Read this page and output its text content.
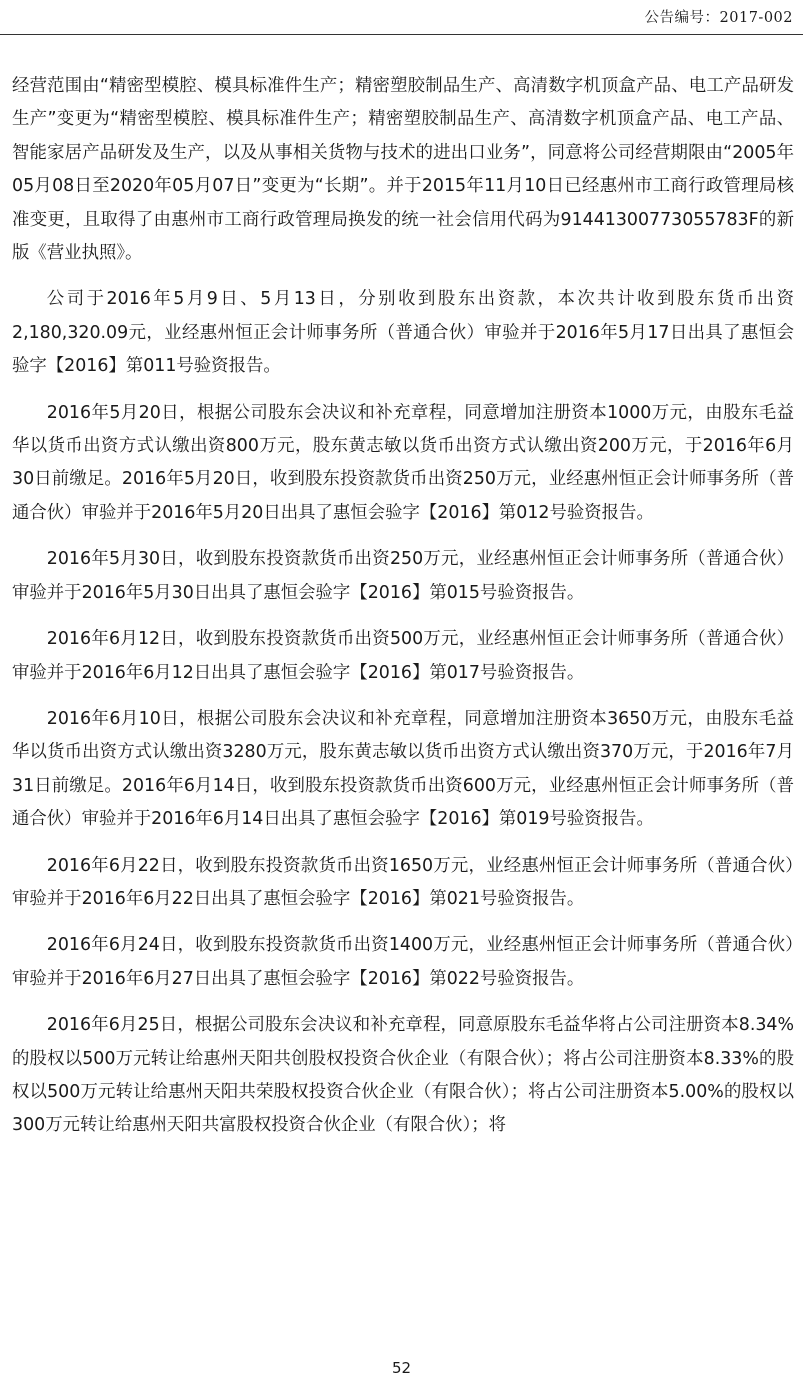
公告编号：2017-002

经营范围由“精密型模腔、模具标准件生产；精密塑胶制品生产、高清数字机顶盒产品、电工产品研发生产”变更为“精密型模腔、模具标准件生产；精密塑胶制品生产、高清数字机顶盒产品、电工产品、智能家居产品研发及生产，以及从事相关货物与技术的进出口业务”，同意将公司经营期限由“2005年05月08日至2020年05月07日”变更为“长期”。并于2015年11月10日已经惠州市工商行政管理局核准变更，且取得了由惠州市工商行政管理局换发的统一社会信用代码为91441300773055783F的新版《营业执照》。

公司于2016年5月9日、5月13日，分别收到股东出资款，本次共计收到股东货币出资2,180,320.09元，业经惠州恒正会计师事务所（普通合伙）审验并于2016年5月17日出具了惠恒会验字【2016】第011号验资报告。

2016年5月20日，根据公司股东会决议和补充章程，同意增加注册资本1000万元，由股东毛益华以货币出资方式认缴出资800万元，股东黄志敏以货币出资方式认缴出资200万元，于2016年6月30日前缴足。2016年5月20日，收到股东投资款货币出资250万元，业经惠州恒正会计师事务所（普通合伙）审验并于2016年5月20日出具了惠恒会验字【2016】第012号验资报告。

2016年5月30日，收到股东投资款货币出资250万元，业经惠州恒正会计师事务所（普通合伙）审验并于2016年5月30日出具了惠恒会验字【2016】第015号验资报告。

2016年6月12日，收到股东投资款货币出资500万元，业经惠州恒正会计师事务所（普通合伙）审验并于2016年6月12日出具了惠恒会验字【2016】第017号验资报告。

2016年6月10日，根据公司股东会决议和补充章程，同意增加注册资本3650万元，由股东毛益华以货币出资方式认缴出资3280万元，股东黄志敏以货币出资方式认缴出资370万元，于2016年7月31日前缴足。2016年6月14日，收到股东投资款货币出资600万元，业经惠州恒正会计师事务所（普通合伙）审验并于2016年6月14日出具了惠恒会验字【2016】第019号验资报告。

2016年6月22日，收到股东投资款货币出资1650万元，业经惠州恒正会计师事务所（普通合伙）审验并于2016年6月22日出具了惠恒会验字【2016】第021号验资报告。

2016年6月24日，收到股东投资款货币出资1400万元，业经惠州恒正会计师事务所（普通合伙）审验并于2016年6月27日出具了惠恒会验字【2016】第022号验资报告。

2016年6月25日，根据公司股东会决议和补充章程，同意原股东毛益华将占公司注册资本8.34%的股权以500万元转让给惠州天阳共创股权投资合伙企业（有限合伙）；将占公司注册资本8.33%的股权以500万元转让给惠州天阳共荣股权投资合伙企业（有限合伙）；将占公司注册资本5.00%的股权以300万元转让给惠州天阳共富股权投资合伙企业（有限合伙）；将

52
